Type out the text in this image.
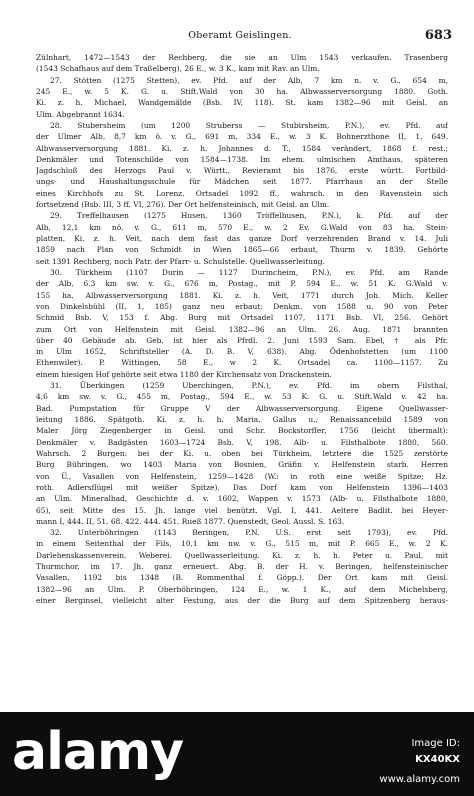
Oberamt Geislingen.	683
Zülnhart, 1472—1543 der Rechberg, die sie an Ulm 1543 verkaufen. Trasenberg
(1543 Schafhaus auf dem Traßelberg), 26 E., w. 3 K., kam mit Rav. an Ulm.
27. Stötten (1275 Stetten), ev. Pfd. auf der Alb, 7 km n. v. G., 654 m,
245 E., w. 5 K. G. u. Stift.Wald von 30 ha. Albwasserversorgung 1880. Goth.
Ki. z. h. Michael, Wandgemälde (Bsb. IV, 118). St. kam 1382—96 mit Geisl. an
Ulm. Abgebrannt 1634.
28. Stubersheim (um 1200 Struberss — Stubirsheim, P.N.), ev. Pfd. auf
der Ulmer Alb, 8,7 km ö. v. G., 691 m, 334 E., w. 3 K. Bohnerzthone II, 1, 649.
Albwasserversorgung 1881. Ki. z. h. Johannes d. T., 1584 verändert, 1868 f. rest.;
Denkmäler und Totenschilde von 1584—1738. Im ehem. ulmischen Amthaus, späteren
Jagdschloß des Herzogs Paul v. Württ., Revieramt bis 1876, erste württ. Fortbild-
ungs- und Haushaltungsschule für Mädchen seit 1877. Pfarrhaus an der Stelle
eines Kirchhofs zu St. Lorenz. Ortsadel 1092 ff., wahrsch. in den Ravenstein sich
fortsetzend (Bsb. III, 3 ff. VI, 276). Der Ort helfensteinisch, mit Geisl. an Ulm.
29. Treffelhausen (1275 Husen, 1360 Tröffelhusen, P.N.), k. Pfd. auf der
Alb, 12,1 km nö. v. G., 611 m, 570 E., w. 2 Ev. G.Wald von 83 ha. Stein-
platten. Ki. z. h. Veit, nach dem fast das ganze Dorf verzehrenden Brand v. 14. Juli
1859 nach Plan von Schmidt in Wien 1865—66 erbaut, Thurm v. 1839. Gehörte
seit 1391 Rechberg, noch Patr. der Pfarr- u. Schulstelle. Quellwasserleitung.
30. Türkheim (1107 Durin — 1127 Durincheim, P.N.), ev. Pfd. am Rande
der Alb, 6,3 km sw. v. G., 676 m, Postag., mit P. 594 E., w. 51 K. G.Wald v.
155 ha. Albwasserversorgung 1881. Ki. z. h. Veit, 1771 durch Joh. Mich. Keller
von Dinkelsbühl (II, 1, 185) ganz neu erbaut; Denkm. von 1588 u. 90 von Peter
Schmid Bsb. V, 153 f. Abg. Burg mit Ortsadel 1107, 1171 Bsb. VI, 256. Gehört
zum Ort von Helfenstein mit Geisl. 1382—96 an Ulm. 26. Aug. 1871 brannten
über 40 Gebäude ab. Geb. ist hier als Pfrdl. 2. Juni 1593 Sam. Ebel, † als Pfr.
in Ulm 1652, Schriftsteller (A. D. B. V, 638). Abg. Ödenhofstetten (um 1100
Ethenwiler). P. Wittingen, 58 E., w 2 K. Ortsadel ca. 1100—1157. Zu
einem hiesigen Hof gehörte seit etwa 1180 der Kirchensatz von Drackenstein.
31. Überkingen (1259 Uberchingen, P.N.), ev. Pfd. im obern Filsthal,
4,6 km sw. v. G., 455 m, Postag., 594 E., w. 53 K. G. u. Stift.Wald v. 42 ha.
Bad. Pumpstation für Gruppe V der Albwasserversorgung. Eigene Quellwasser-
leitung 1886. Spätgoth. Ki. z. h. h. Maria, Gallus u.; Renaissancebild 1589 von
Maler Jörg Ziegenberger in Geisl. und Schr. Bockstorffer, 1756 (leicht übermalt):
Denkmäler v. Badgästen 1603—1724 Bsb. V, 198. Alb- u. Filsthalbote 1880, 560.
Wahrsch. 2 Burgen: bei der Ki. u. oben bei Türkheim, letztere die 1525 zerstörte
Burg Bühringen, wo 1403 Maria von Bosnien, Gräfin v. Helfenstein starb. Herren
von Ü., Vasallen von Helfenstein, 1259—1428 (W.: in roth eine weiße Spitze; Hz.
roth. Adlersflügel mit weißer Spitze). Das Dorf kam von Helfenstein 1396—1403
an Ulm. Mineralbad, Geschichte d. v. 1602, Wappen v. 1573 (Alb- u. Filsthalbote 1880,
65), seit Mitte des 15. Jh. lange viel benützt. Vgl. I, 441. Aeltere Badlit. bei Heyer-
mann I, 444. II, 51. 68. 422. 444. 451. Rueß 1877. Quenstedt, Geol. Aussl. S. 163.
32. Unterböhringen (1143 Beringen, P.N. U.S. erst seit 1793), ev. Pfd.
in einem Seitenthal der Fils, 10,1 km nw. v. G., 515 m, mit P. 665 E., w. 2 K.
Darlehenskassenverein. Weberei. Quellwasserleitung. Ki. z. h. h. Peter u. Paul, mit
Thurmchor, im 17. Jh. ganz erneuert. Abg. B. der H. v. Beringen, helfensteinischer
Vasallen, 1192 bis 1348 (B. Rommenthal f. Göpp.). Der Ort kam mit Geisl.
1382—96 an Ulm. P. Oberböhringen, 124 E., w. 1 K., auf dem Michelsberg,
einer Berginsel, vielleicht alter Festung, aus der die Burg auf dem Spitzenberg heraus-
alamy	Image ID:
KX40KX
www.alamy.com
